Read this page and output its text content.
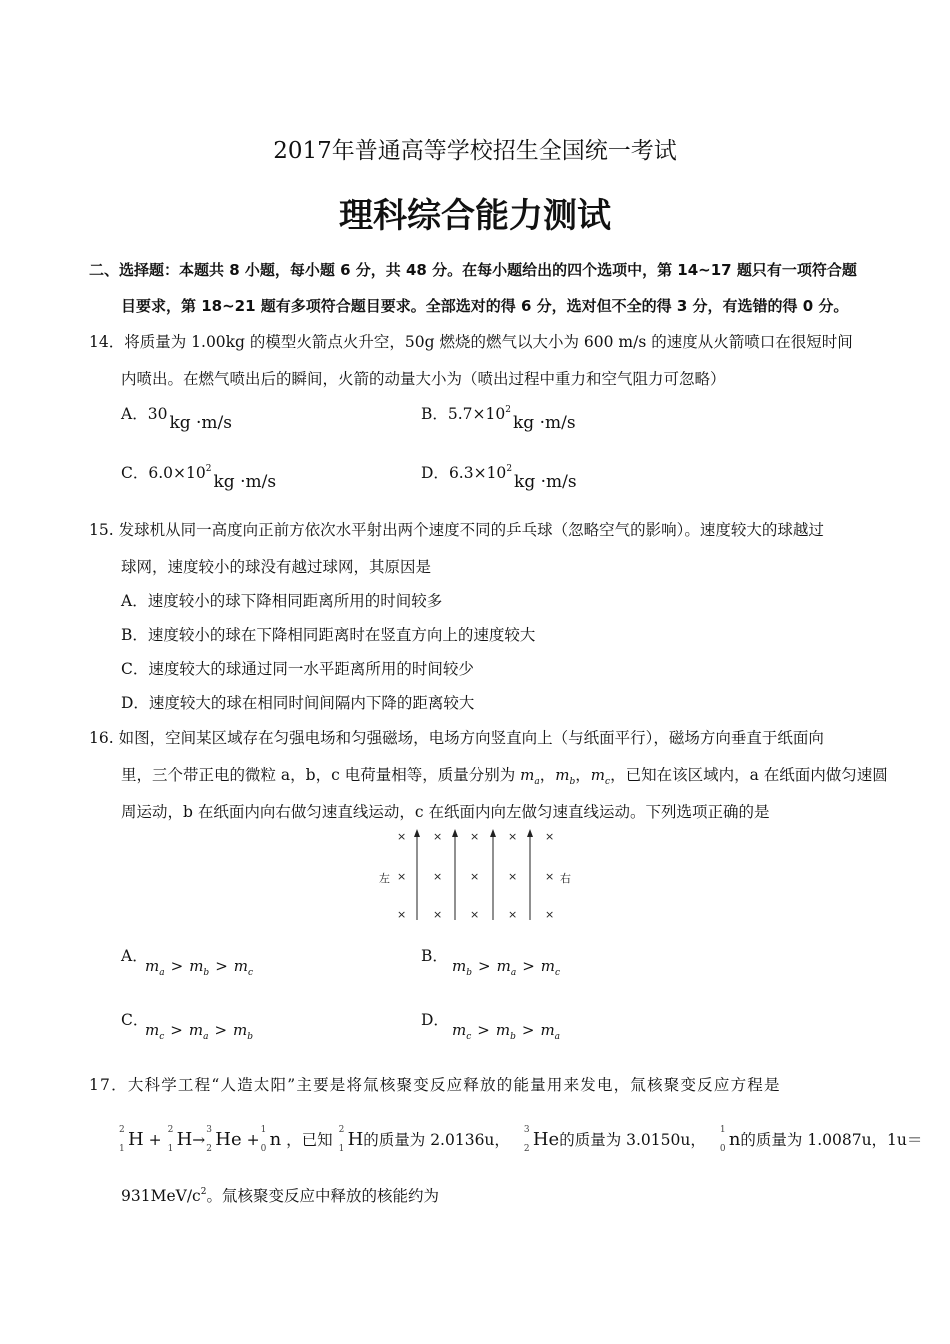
2017年普通高等学校招生全国统一考试
理科综合能力测试
二、选择题：本题共 8 小题，每小题 6 分，共 48 分。在每小题给出的四个选项中，第 14~17 题只有一项符合题
目要求，第 18~21 题有多项符合题目要求。全部选对的得 6 分，选对但不全的得 3 分，有选错的得 0 分。
14．将质量为 1.00kg 的模型火箭点火升空，50g 燃烧的燃气以大小为 600 m/s 的速度从火箭喷口在很短时间
内喷出。在燃气喷出后的瞬间，火箭的动量大小为（喷出过程中重力和空气阻力可忽略）
A．30 kg ·m/s	B．$5.7\times 10^2kg \cdot m/s$
C．$6.0\times 10^2kg \cdot m/s$	D．$6.3\times 10^2kg \cdot m/s$
15. 发球机从同一高度向正前方依次水平射出两个速度不同的乒乓球（忽略空气的影响）。速度较大的球越过
球网，速度较小的球没有越过球网，其原因是
A．速度较小的球下降相同距离所用的时间较多
B．速度较小的球在下降相同距离时在竖直方向上的速度较大
C．速度较大的球通过同一水平距离所用的时间较少
D．速度较大的球在相同时间间隔内下降的距离较大
16. 如图，空间某区域存在匀强电场和匀强磁场，电场方向竖直向上（与纸面平行），磁场方向垂直于纸面向
里，三个带正电的微粒 a，b，c 电荷量相等，质量分别为 $m_a$，$m_b$，$m_c$，已知在该区域内，a 在纸面内做匀速圆
周运动，b 在纸面内向右做匀速直线运动，c 在纸面内向左做匀速直线运动。下列选项正确的是
× ×	×	×	×
× ×	×	×	×
× ×	×	×	×
左	右
A．
$m_a > m_b > m_c$
B．
$m_b > m_a > m_c$
C．
$m_c > m_a > m_b$
D．
$m_c > m_b > m_a$
17．大科学工程“人造太阳”主要是将氚核聚变反应释放的能量用来发电，氚核聚变反应方程是
2
1 H +
2
1 H→
3
2 He +
1
0 n ，已知
2
1 H的质量为 2.0136u，
3
2 He的质量为 3.0150u，
1
0 n的质量为 1.0087u，1u＝
$931MeV/c^2$。氚核聚变反应中释放的核能约为
